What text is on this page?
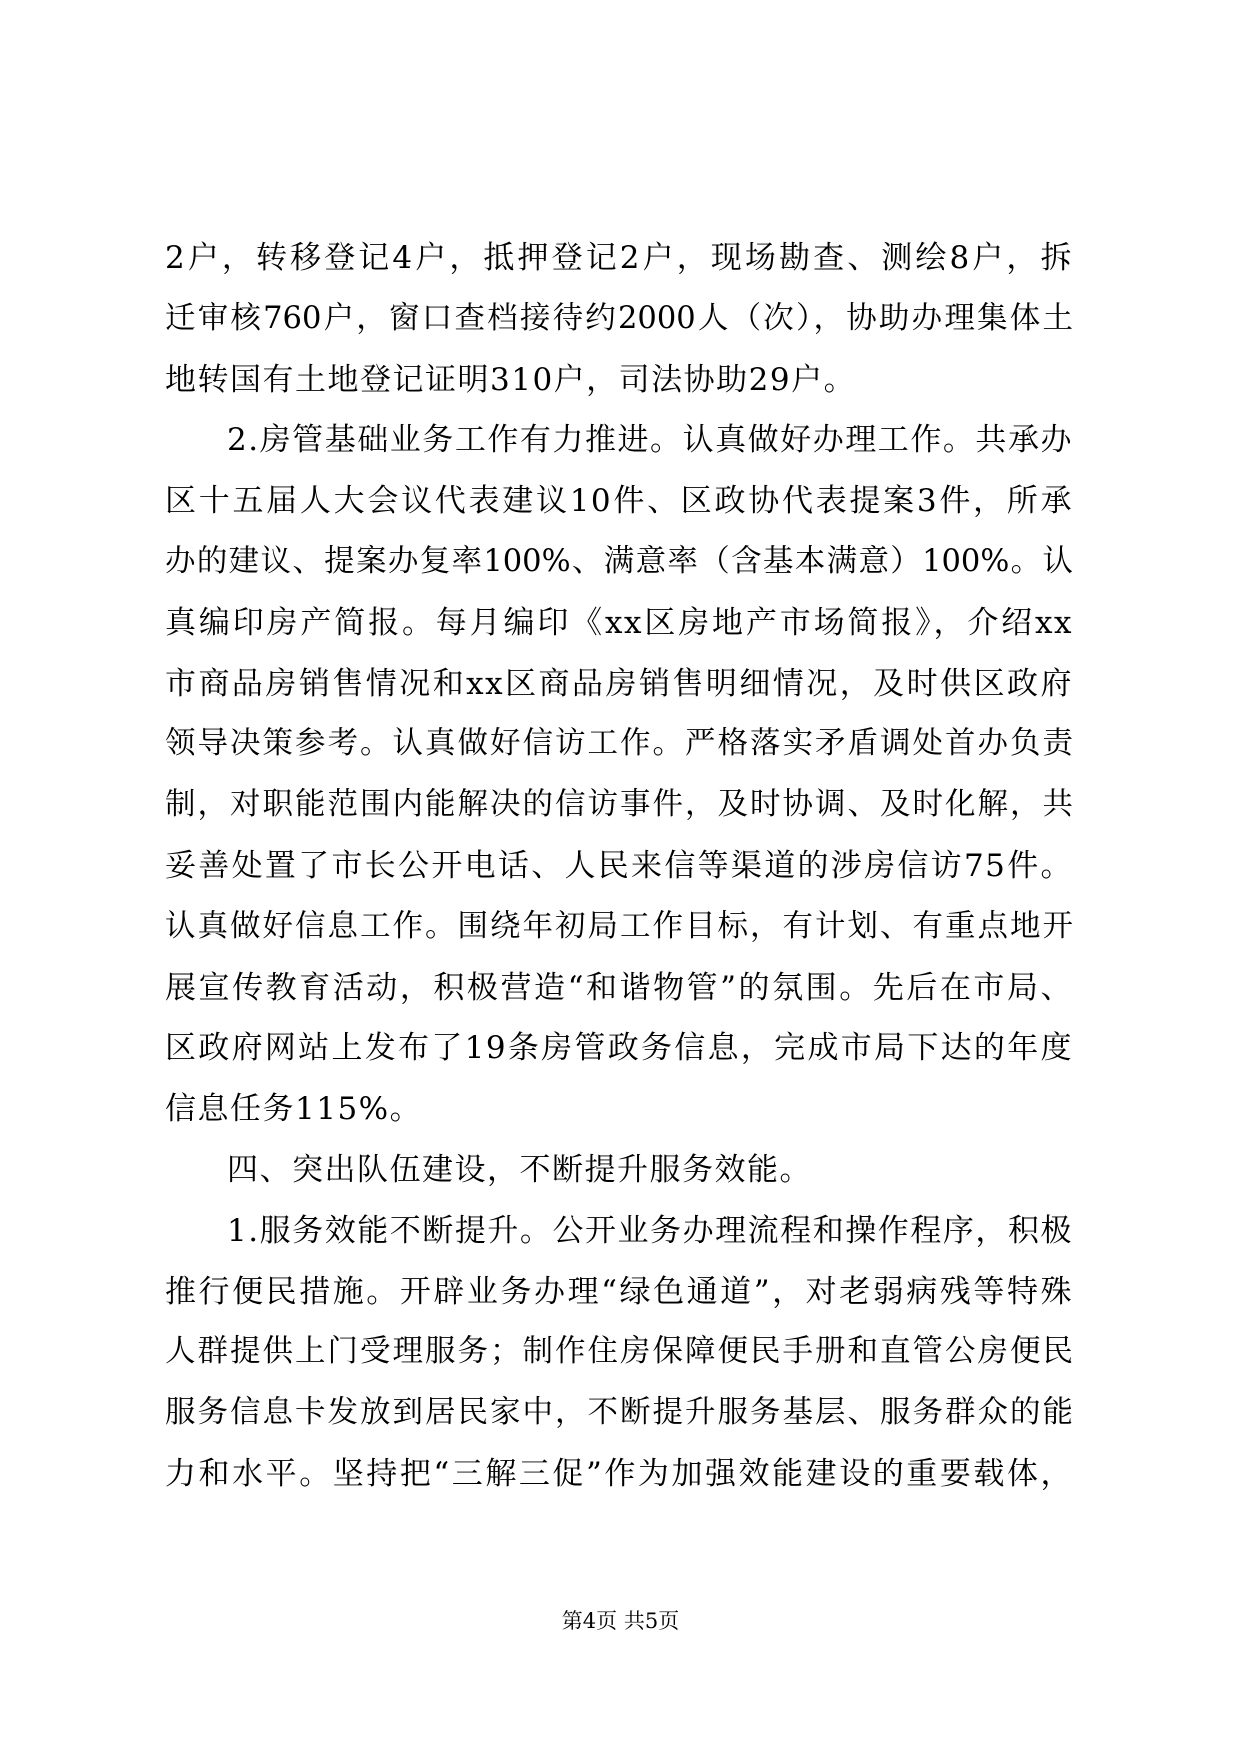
2户，转移登记4户，抵押登记2户，现场勘查、测绘8户，拆
迁审核760户，窗口查档接待约2000人（次），协助办理集体土
地转国有土地登记证明310户，司法协助29户。
2.房管基础业务工作有力推进。认真做好办理工作。共承办
区十五届人大会议代表建议10件、区政协代表提案3件，所承
办的建议、提案办复率100%、满意率（含基本满意）100%。认
真编印房产简报。每月编印《xx区房地产市场简报》，介绍xx
市商品房销售情况和xx区商品房销售明细情况，及时供区政府
领导决策参考。认真做好信访工作。严格落实矛盾调处首办负责
制，对职能范围内能解决的信访事件，及时协调、及时化解，共
妥善处置了市长公开电话、人民来信等渠道的涉房信访75件。
认真做好信息工作。围绕年初局工作目标，有计划、有重点地开
展宣传教育活动，积极营造“和谐物管”的氛围。先后在市局、
区政府网站上发布了19条房管政务信息，完成市局下达的年度
信息任务115%。
四、突出队伍建设，不断提升服务效能。
1.服务效能不断提升。公开业务办理流程和操作程序，积极
推行便民措施。开辟业务办理“绿色通道”，对老弱病残等特殊
人群提供上门受理服务；制作住房保障便民手册和直管公房便民
服务信息卡发放到居民家中，不断提升服务基层、服务群众的能
力和水平。坚持把“三解三促”作为加强效能建设的重要载体，
第4页 共5页
